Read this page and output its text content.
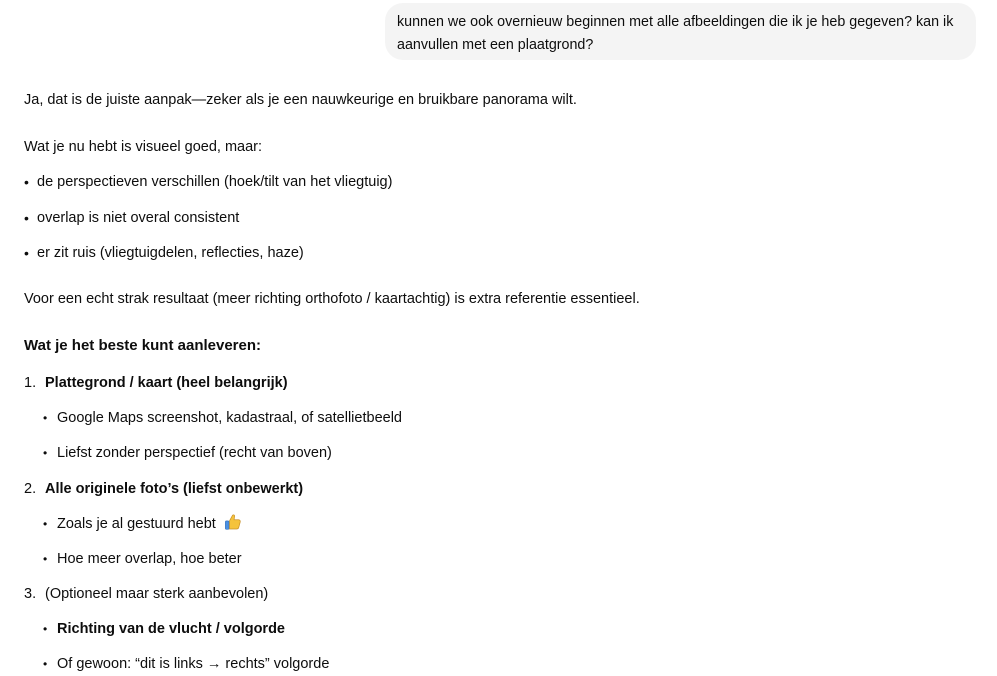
kunnen we ook overnieuw beginnen met alle afbeeldingen die ik je heb gegeven? kan ik aanvullen met een plaatgrond?
Ja, dat is de juiste aanpak—zeker als je een nauwkeurige en bruikbare panorama wilt.
Wat je nu hebt is visueel goed, maar:
• de perspectieven verschillen (hoek/tilt van het vliegtuig)
• overlap is niet overal consistent
• er zit ruis (vliegtuigdelen, reflecties, haze)
Voor een echt strak resultaat (meer richting orthofoto / kaartachtig) is extra referentie essentieel.
Wat je het beste kunt aanleveren:
1. Plattegrond / kaart (heel belangrijk)
• Google Maps screenshot, kadastraal, of satellietbeeld
• Liefst zonder perspectief (recht van boven)
2. Alle originele foto’s (liefst onbewerkt)
• Zoals je al gestuurd hebt
• Hoe meer overlap, hoe beter
3. (Optioneel maar sterk aanbevolen)
• Richting van de vlucht / volgorde
• Of gewoon: “dit is links → rechts” volgorde
